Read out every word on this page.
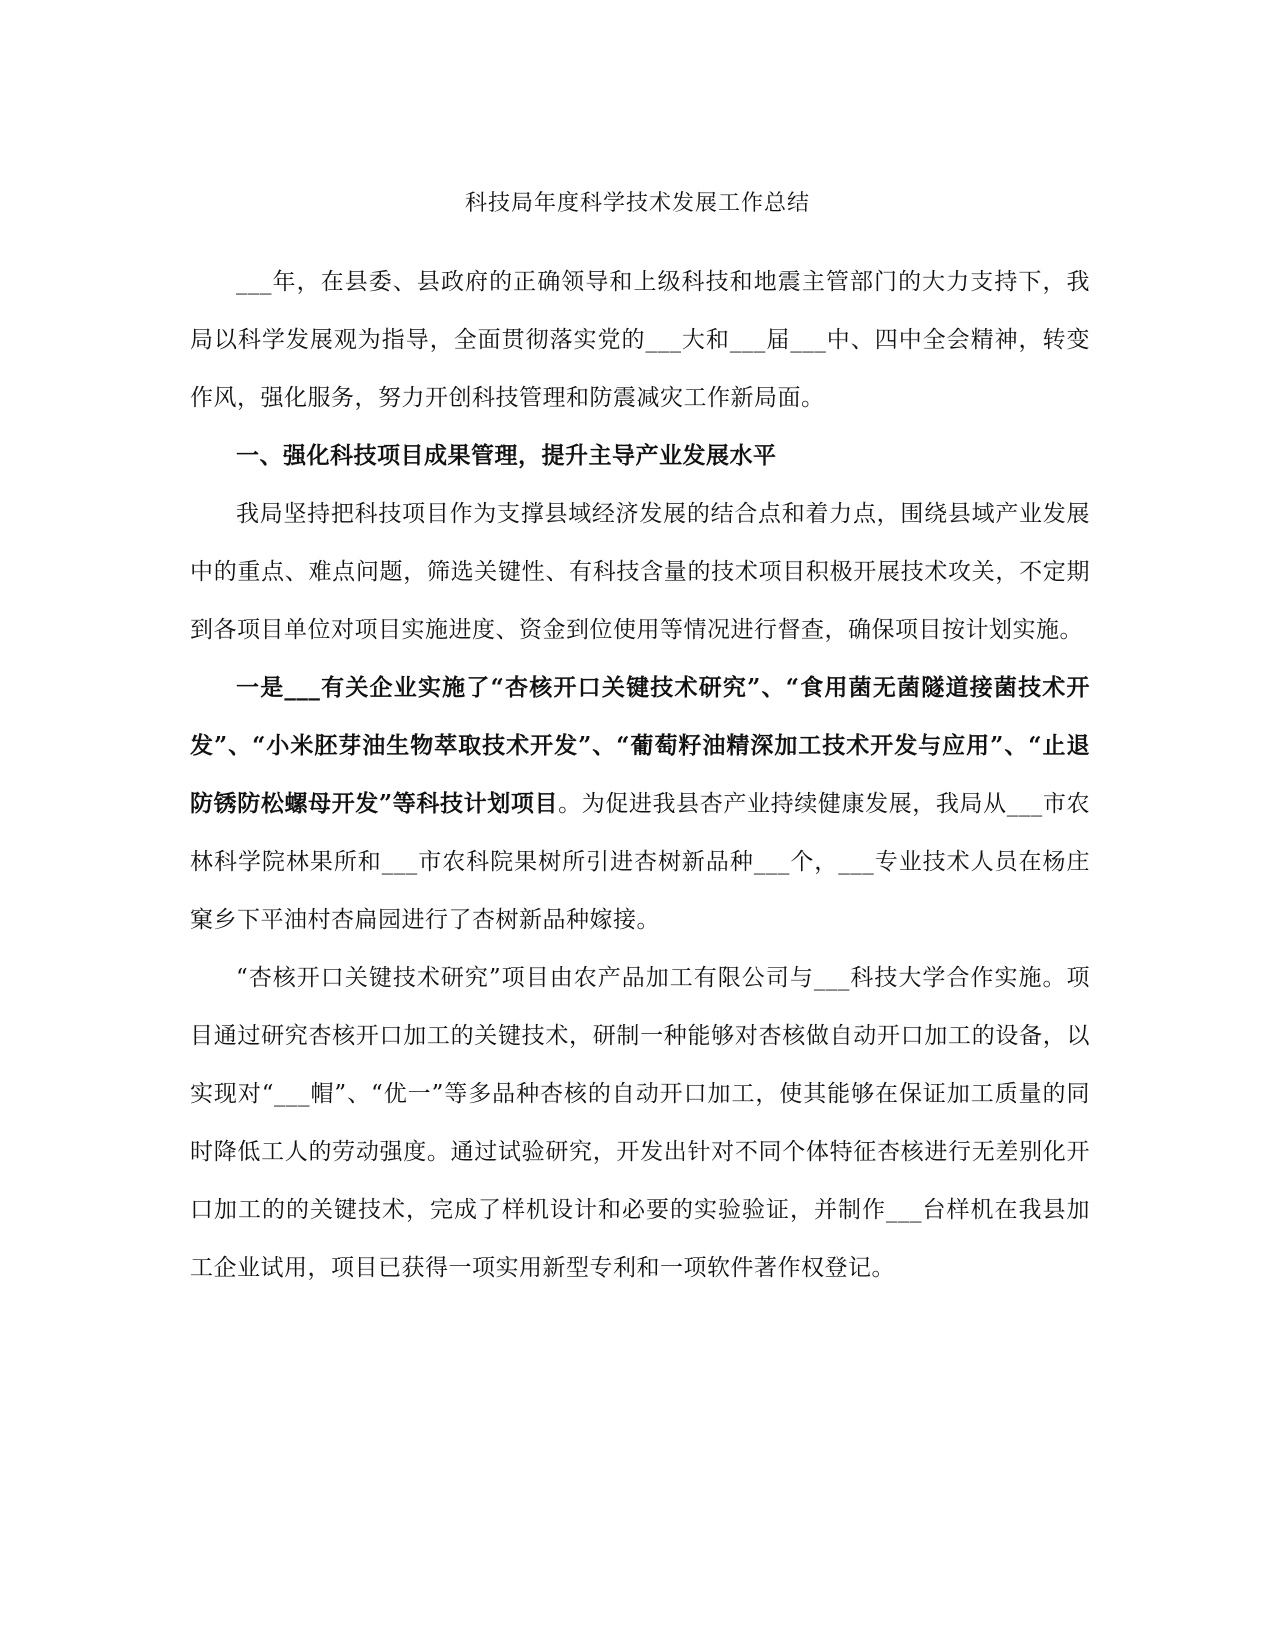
科技局年度科学技术发展工作总结

___年，在县委、县政府的正确领导和上级科技和地震主管部门的大力支持下，我局以科学发展观为指导，全面贯彻落实党的___大和___届___中、四中全会精神，转变作风，强化服务，努力开创科技管理和防震减灾工作新局面。

一、强化科技项目成果管理，提升主导产业发展水平

我局坚持把科技项目作为支撑县域经济发展的结合点和着力点，围绕县域产业发展中的重点、难点问题，筛选关键性、有科技含量的技术项目积极开展技术攻关，不定期到各项目单位对项目实施进度、资金到位使用等情况进行督查，确保项目按计划实施。

一是___有关企业实施了“杏核开口关键技术研究”、“食用菌无菌隧道接菌技术开发”、“小米胚芽油生物萃取技术开发”、“葡萄籽油精深加工技术开发与应用”、“止退防锈防松螺母开发”等科技计划项目。为促进我县杏产业持续健康发展，我局从___市农林科学院林果所和___市农科院果树所引进杏树新品种___个，___专业技术人员在杨庄窠乡下平油村杏扁园进行了杏树新品种嫁接。

“杏核开口关键技术研究”项目由农产品加工有限公司与___科技大学合作实施。项目通过研究杏核开口加工的关键技术，研制一种能够对杏核做自动开口加工的设备，以实现对“___帽”、“优一”等多品种杏核的自动开口加工，使其能够在保证加工质量的同时降低工人的劳动强度。通过试验研究，开发出针对不同个体特征杏核进行无差别化开口加工的的关键技术，完成了样机设计和必要的实验验证，并制作___台样机在我县加工企业试用，项目已获得一项实用新型专利和一项软件著作权登记。
